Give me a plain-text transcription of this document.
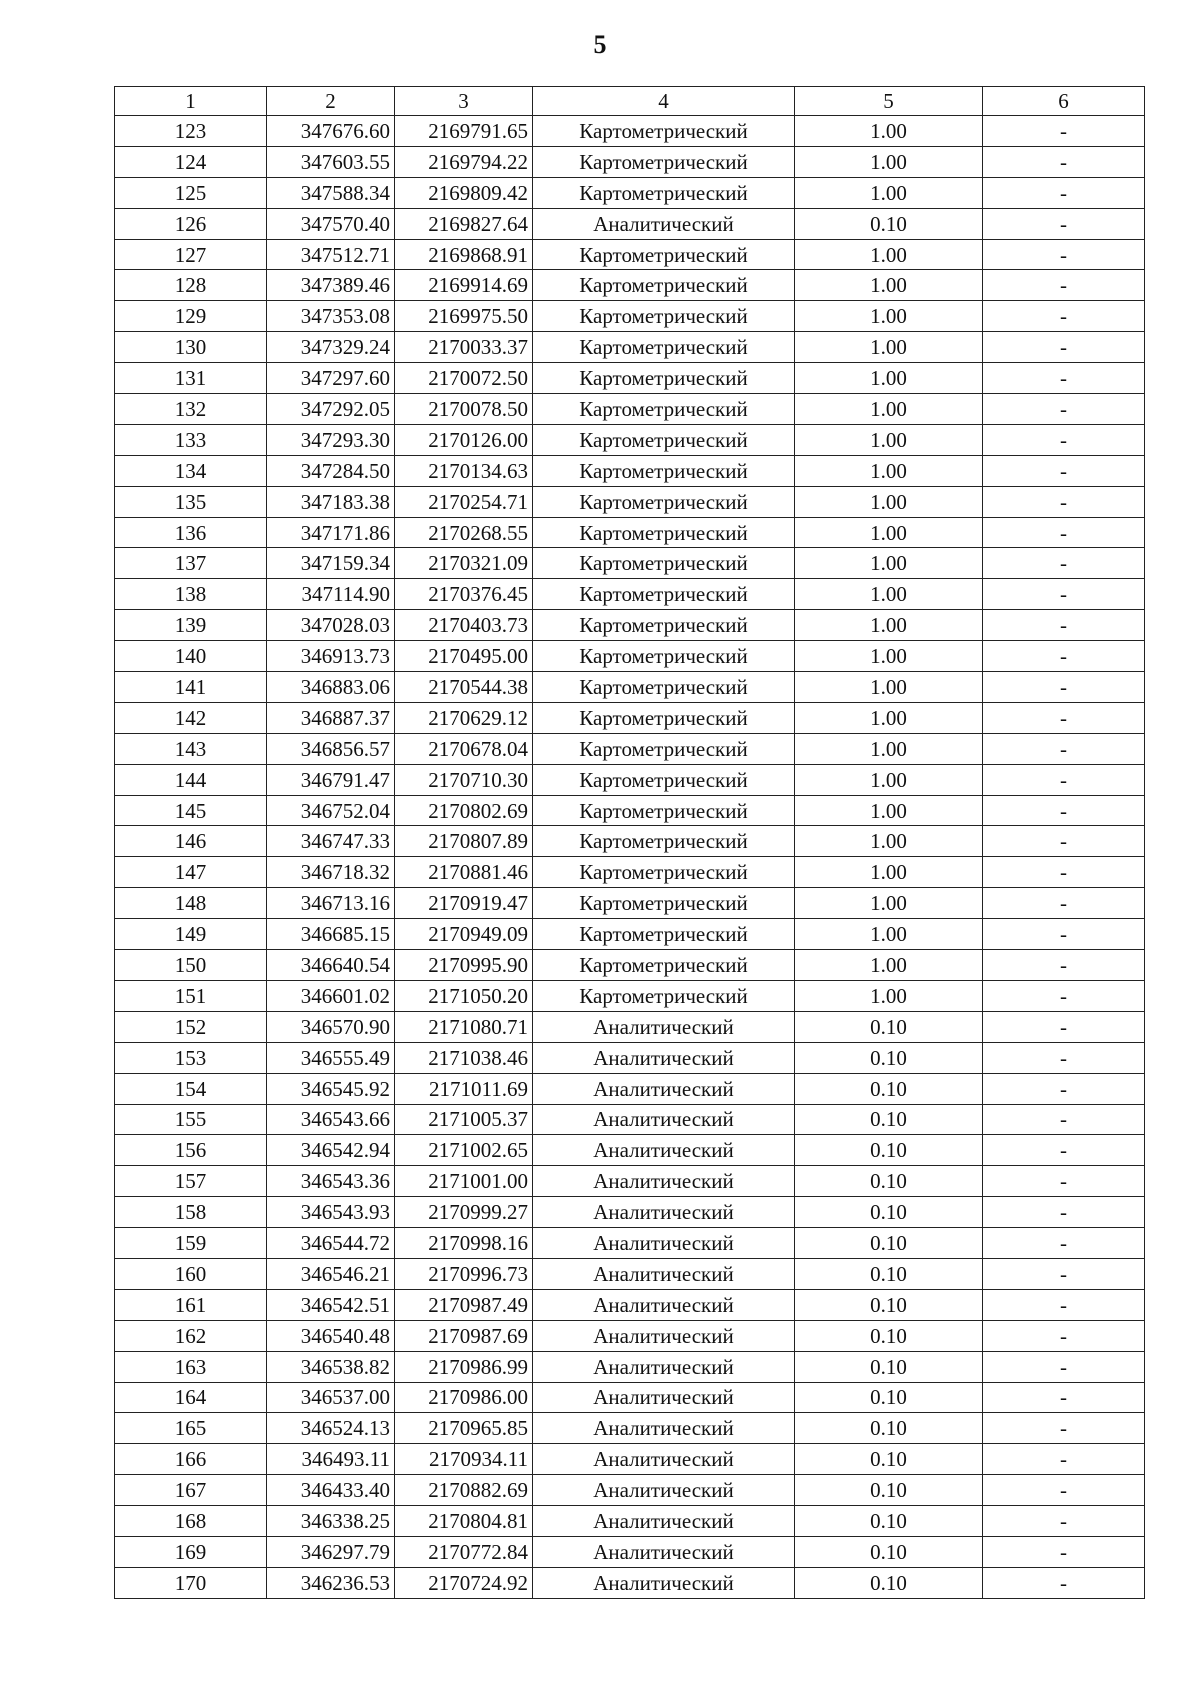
5
1	2	3	4	5	6
123	347676.60	2169791.65	Картометрический	1.00	-
124	347603.55	2169794.22	Картометрический	1.00	-
125	347588.34	2169809.42	Картометрический	1.00	-
126	347570.40	2169827.64	Аналитический	0.10	-
127	347512.71	2169868.91	Картометрический	1.00	-
128	347389.46	2169914.69	Картометрический	1.00	-
129	347353.08	2169975.50	Картометрический	1.00	-
130	347329.24	2170033.37	Картометрический	1.00	-
131	347297.60	2170072.50	Картометрический	1.00	-
132	347292.05	2170078.50	Картометрический	1.00	-
133	347293.30	2170126.00	Картометрический	1.00	-
134	347284.50	2170134.63	Картометрический	1.00	-
135	347183.38	2170254.71	Картометрический	1.00	-
136	347171.86	2170268.55	Картометрический	1.00	-
137	347159.34	2170321.09	Картометрический	1.00	-
138	347114.90	2170376.45	Картометрический	1.00	-
139	347028.03	2170403.73	Картометрический	1.00	-
140	346913.73	2170495.00	Картометрический	1.00	-
141	346883.06	2170544.38	Картометрический	1.00	-
142	346887.37	2170629.12	Картометрический	1.00	-
143	346856.57	2170678.04	Картометрический	1.00	-
144	346791.47	2170710.30	Картометрический	1.00	-
145	346752.04	2170802.69	Картометрический	1.00	-
146	346747.33	2170807.89	Картометрический	1.00	-
147	346718.32	2170881.46	Картометрический	1.00	-
148	346713.16	2170919.47	Картометрический	1.00	-
149	346685.15	2170949.09	Картометрический	1.00	-
150	346640.54	2170995.90	Картометрический	1.00	-
151	346601.02	2171050.20	Картометрический	1.00	-
152	346570.90	2171080.71	Аналитический	0.10	-
153	346555.49	2171038.46	Аналитический	0.10	-
154	346545.92	2171011.69	Аналитический	0.10	-
155	346543.66	2171005.37	Аналитический	0.10	-
156	346542.94	2171002.65	Аналитический	0.10	-
157	346543.36	2171001.00	Аналитический	0.10	-
158	346543.93	2170999.27	Аналитический	0.10	-
159	346544.72	2170998.16	Аналитический	0.10	-
160	346546.21	2170996.73	Аналитический	0.10	-
161	346542.51	2170987.49	Аналитический	0.10	-
162	346540.48	2170987.69	Аналитический	0.10	-
163	346538.82	2170986.99	Аналитический	0.10	-
164	346537.00	2170986.00	Аналитический	0.10	-
165	346524.13	2170965.85	Аналитический	0.10	-
166	346493.11	2170934.11	Аналитический	0.10	-
167	346433.40	2170882.69	Аналитический	0.10	-
168	346338.25	2170804.81	Аналитический	0.10	-
169	346297.79	2170772.84	Аналитический	0.10	-
170	346236.53	2170724.92	Аналитический	0.10	-
